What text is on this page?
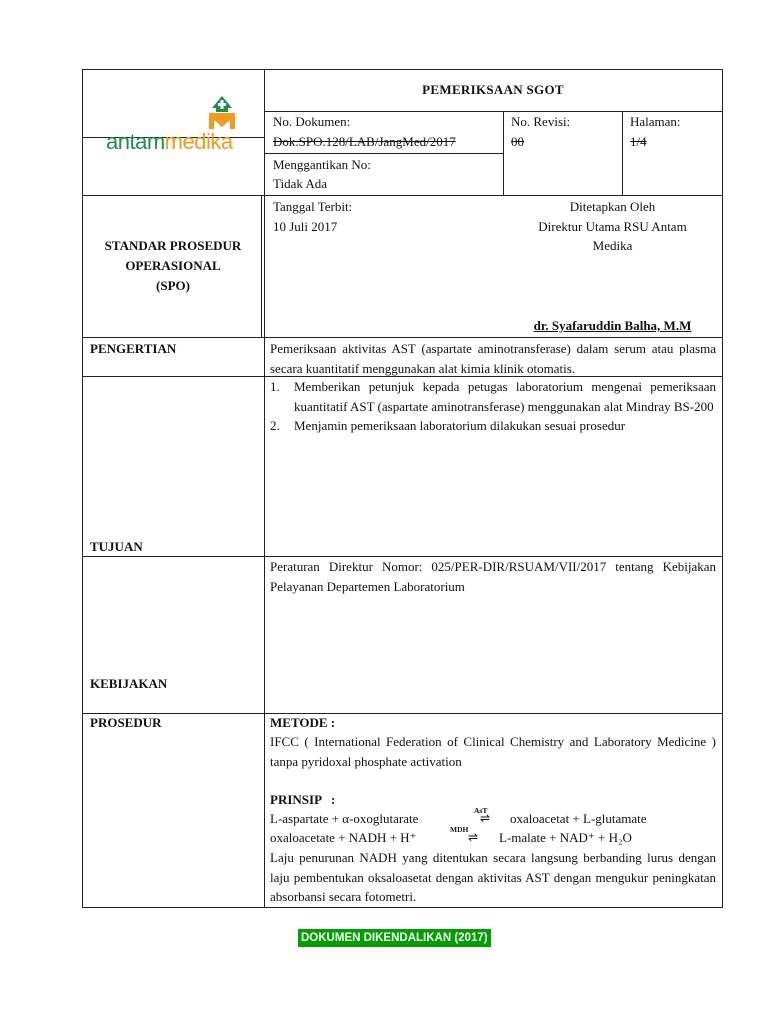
antammedika
PEMERIKSAAN SGOT
No. Dokumen:
Dok.SPO.128/LAB/JangMed/2017
No. Revisi:
00
Halaman:
1/4
Menggantikan No:
Tidak Ada
STANDAR PROSEDUR
OPERASIONAL
(SPO)
Tanggal Terbit:
10 Juli 2017
Ditetapkan Oleh
Direktur Utama RSU Antam
Medika
dr. Syafaruddin Balha, M.M
PENGERTIAN	Pemeriksaan aktivitas AST (aspartate aminotransferase) dalam serum atau plasma secara kuantitatif menggunakan alat kimia klinik otomatis.
TUJUAN
1. Memberikan petunjuk kepada petugas laboratorium mengenai pemeriksaan kuantitatif AST (aspartate aminotransferase) menggunakan alat Mindray BS-200
2. Menjamin pemeriksaan laboratorium dilakukan sesuai prosedur
KEBIJAKAN
Peraturan Direktur Nomor: 025/PER-DIR/RSUAM/VII/2017 tentang Kebijakan Pelayanan Departemen Laboratorium
PROSEDUR	METODE :
IFCC ( International Federation of Clinical Chemistry and Laboratory Medicine ) tanpa pyridoxal phosphate activation
PRINSIP   :
L-aspartate + α-oxoglutarate
AsT
⇌ oxaloacetat + L-glutamate
oxaloacetate + NADH + H⁺
MDH
⇌ L-malate + NAD⁺ + H₂O
Laju penurunan NADH yang ditentukan secara langsung berbanding lurus dengan laju pembentukan oksaloasetat dengan aktivitas AST dengan mengukur peningkatan absorbansi secara fotometri.
DOKUMEN DIKENDALIKAN (2017)
